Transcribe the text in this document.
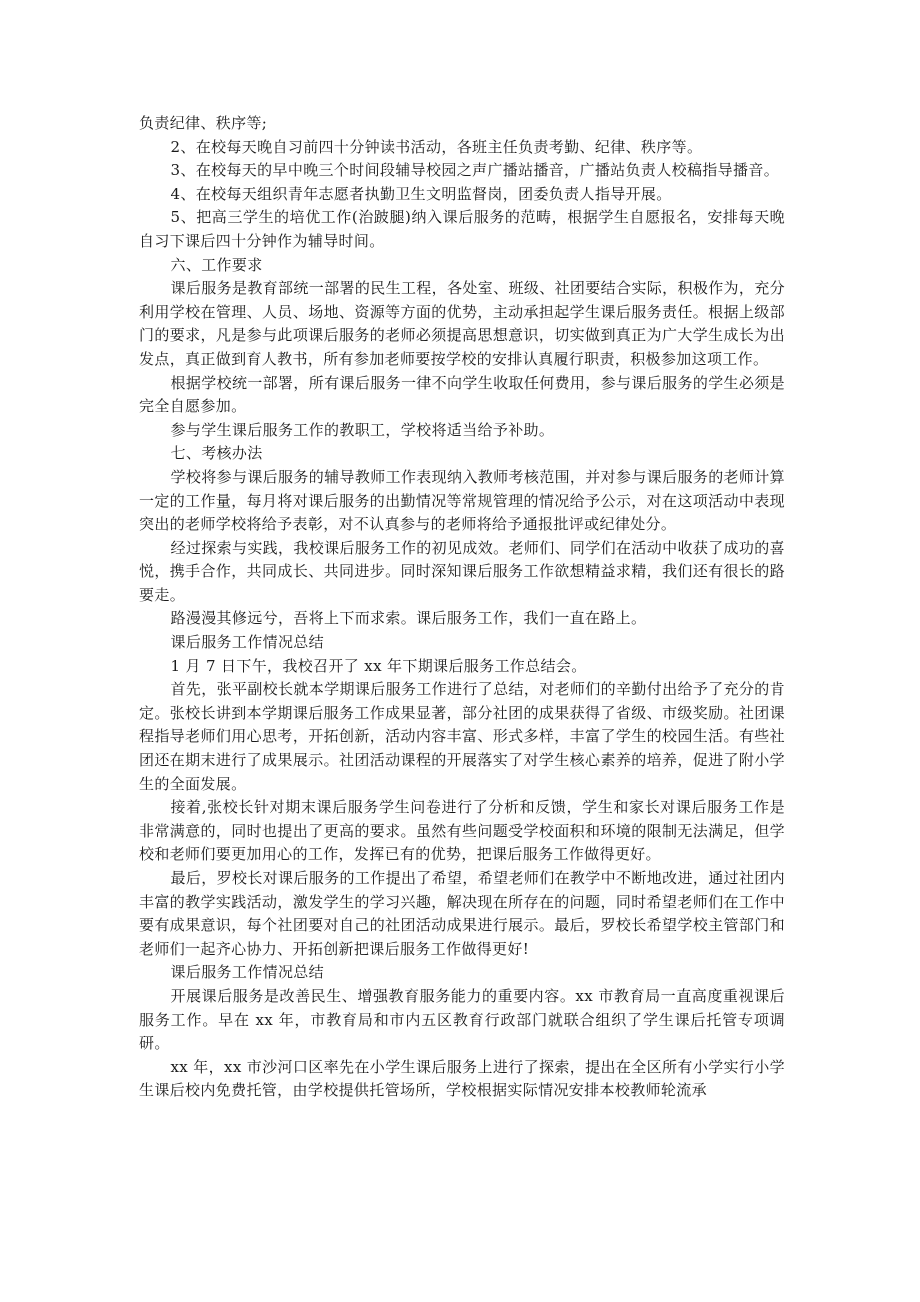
负责纪律、秩序等;

2、在校每天晚自习前四十分钟读书活动，各班主任负责考勤、纪律、秩序等。

3、在校每天的早中晚三个时间段辅导校园之声广播站播音，广播站负责人校稿指导播音。

4、在校每天组织青年志愿者执勤卫生文明监督岗，团委负责人指导开展。

5、把高三学生的培优工作(治跛腿)纳入课后服务的范畴，根据学生自愿报名，安排每天晚自习下课后四十分钟作为辅导时间。

六、工作要求

课后服务是教育部统一部署的民生工程，各处室、班级、社团要结合实际，积极作为，充分利用学校在管理、人员、场地、资源等方面的优势，主动承担起学生课后服务责任。根据上级部门的要求，凡是参与此项课后服务的老师必须提高思想意识，切实做到真正为广大学生成长为出发点，真正做到育人教书，所有参加老师要按学校的安排认真履行职责，积极参加这项工作。

根据学校统一部署，所有课后服务一律不向学生收取任何费用，参与课后服务的学生必须是完全自愿参加。

参与学生课后服务工作的教职工，学校将适当给予补助。

七、考核办法

学校将参与课后服务的辅导教师工作表现纳入教师考核范围，并对参与课后服务的老师计算一定的工作量，每月将对课后服务的出勤情况等常规管理的情况给予公示，对在这项活动中表现突出的老师学校将给予表彰，对不认真参与的老师将给予通报批评或纪律处分。

经过探索与实践，我校课后服务工作的初见成效。老师们、同学们在活动中收获了成功的喜悦，携手合作，共同成长、共同进步。同时深知课后服务工作欲想精益求精，我们还有很长的路要走。

路漫漫其修远兮，吾将上下而求索。课后服务工作，我们一直在路上。

课后服务工作情况总结

1 月 7 日下午，我校召开了 xx 年下期课后服务工作总结会。

首先，张平副校长就本学期课后服务工作进行了总结，对老师们的辛勤付出给予了充分的肯定。张校长讲到本学期课后服务工作成果显著，部分社团的成果获得了省级、市级奖励。社团课程指导老师们用心思考，开拓创新，活动内容丰富、形式多样，丰富了学生的校园生活。有些社团还在期末进行了成果展示。社团活动课程的开展落实了对学生核心素养的培养，促进了附小学生的全面发展。

接着,张校长针对期末课后服务学生问卷进行了分析和反馈，学生和家长对课后服务工作是非常满意的，同时也提出了更高的要求。虽然有些问题受学校面积和环境的限制无法满足，但学校和老师们要更加用心的工作，发挥已有的优势，把课后服务工作做得更好。

最后，罗校长对课后服务的工作提出了希望，希望老师们在教学中不断地改进，通过社团内丰富的教学实践活动，激发学生的学习兴趣，解决现在所存在的问题，同时希望老师们在工作中要有成果意识，每个社团要对自己的社团活动成果进行展示。最后，罗校长希望学校主管部门和老师们一起齐心协力、开拓创新把课后服务工作做得更好!

课后服务工作情况总结

开展课后服务是改善民生、增强教育服务能力的重要内容。xx 市教育局一直高度重视课后服务工作。早在 xx 年，市教育局和市内五区教育行政部门就联合组织了学生课后托管专项调研。

xx 年，xx 市沙河口区率先在小学生课后服务上进行了探索，提出在全区所有小学实行小学生课后校内免费托管，由学校提供托管场所，学校根据实际情况安排本校教师轮流承
